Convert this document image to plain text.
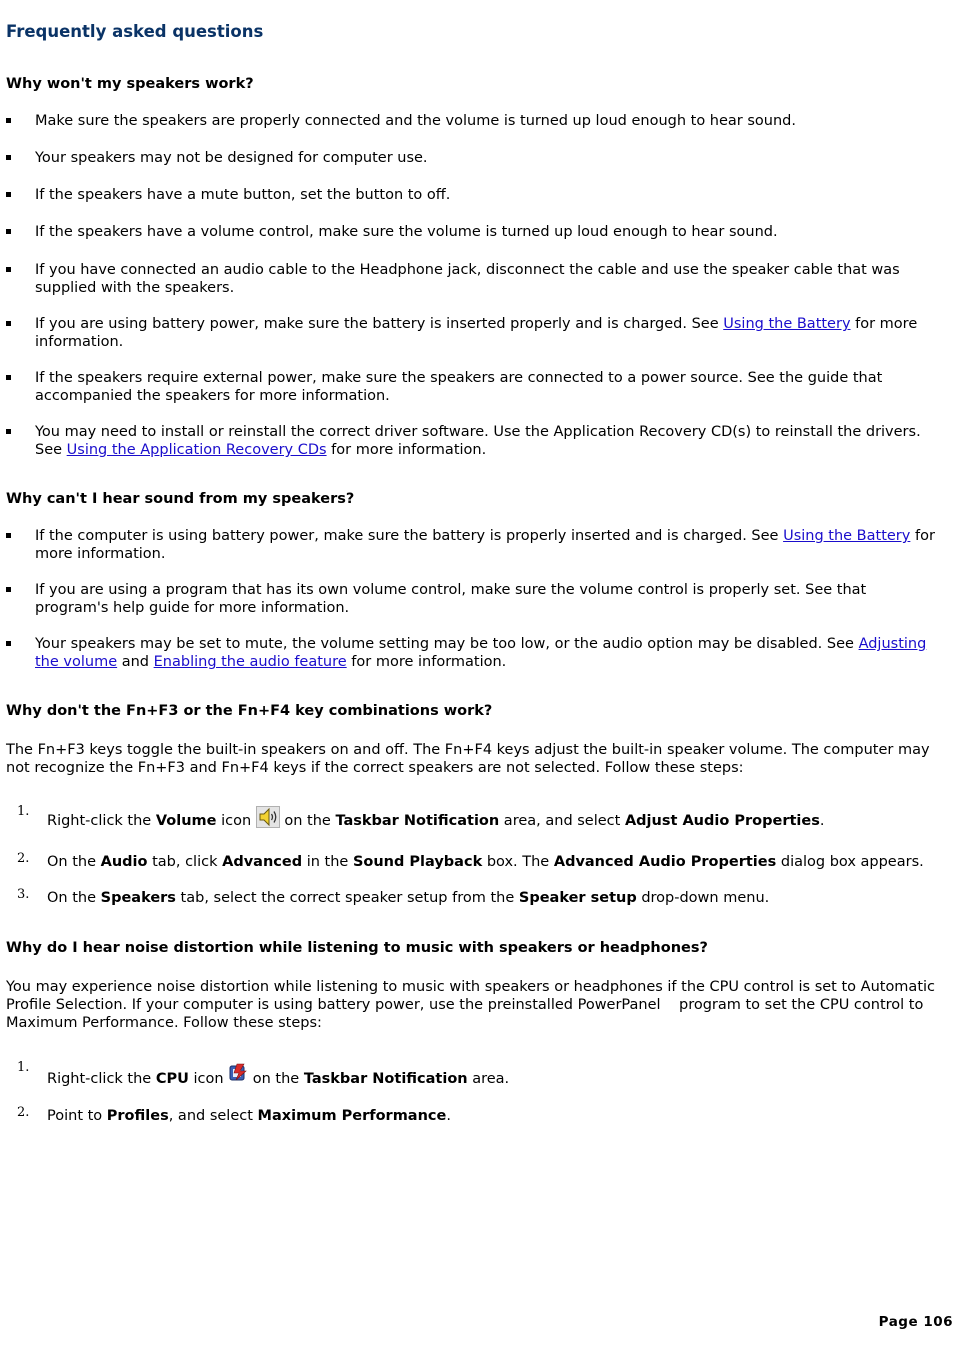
Frequently asked questions
Why won't my speakers work?
Make sure the speakers are properly connected and the volume is turned up loud enough to hear sound.
Your speakers may not be designed for computer use.
If the speakers have a mute button, set the button to off.
If the speakers have a volume control, make sure the volume is turned up loud enough to hear sound.
If you have connected an audio cable to the Headphone jack, disconnect the cable and use the speaker cable that was supplied with the speakers.
If you are using battery power, make sure the battery is inserted properly and is charged. See Using the Battery for more information.
If the speakers require external power, make sure the speakers are connected to a power source. See the guide that accompanied the speakers for more information.
You may need to install or reinstall the correct driver software. Use the Application Recovery CD(s) to reinstall the drivers. See Using the Application Recovery CDs for more information.
Why can't I hear sound from my speakers?
If the computer is using battery power, make sure the battery is properly inserted and is charged. See Using the Battery for more information.
If you are using a program that has its own volume control, make sure the volume control is properly set. See that program's help guide for more information.
Your speakers may be set to mute, the volume setting may be too low, or the audio option may be disabled. See Adjusting the volume and Enabling the audio feature for more information.
Why don't the Fn+F3 or the Fn+F4 key combinations work?

The Fn+F3 keys toggle the built-in speakers on and off. The Fn+F4 keys adjust the built-in speaker volume. The computer may not recognize the Fn+F3 and Fn+F4 keys if the correct speakers are not selected. Follow these steps:

1.
Right-click the Volume icon  on the Taskbar Notification area, and select Adjust Audio Properties.
2. On the Audio tab, click Advanced in the Sound Playback box. The Advanced Audio Properties dialog box appears.
3. On the Speakers tab, select the correct speaker setup from the Speaker setup drop-down menu.
Why do I hear noise distortion while listening to music with speakers or headphones?

You may experience noise distortion while listening to music with speakers or headphones if the CPU control is set to Automatic Profile Selection. If your computer is using battery power, use the preinstalled PowerPanel    program to set the CPU control to Maximum Performance. Follow these steps:

1.
Right-click the CPU icon  on the Taskbar Notification area.
2. Point to Profiles, and select Maximum Performance.
Page 106
